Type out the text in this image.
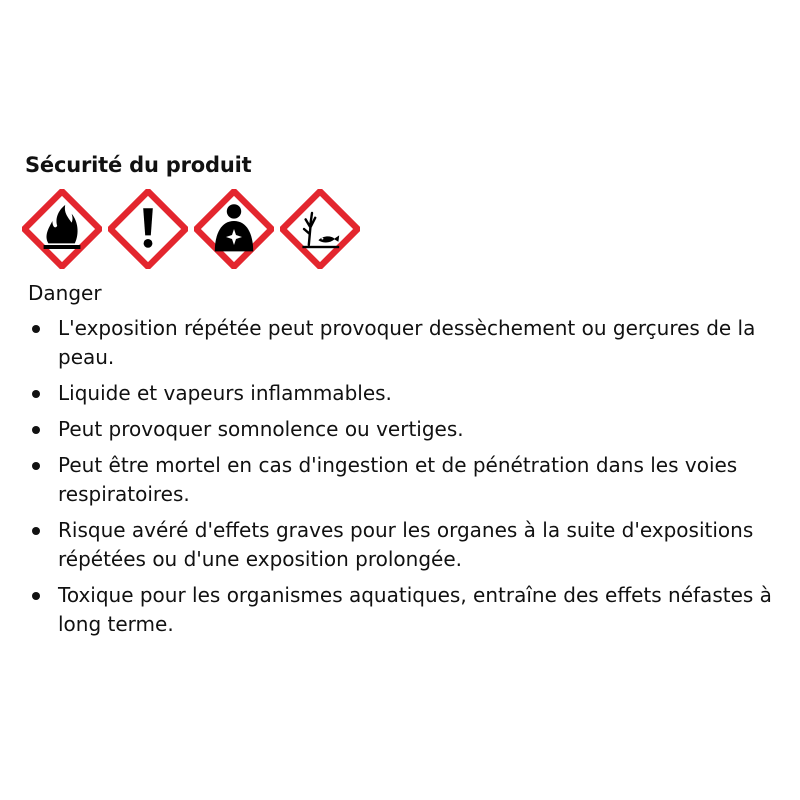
Sécurité du produit

Danger

L'exposition répétée peut provoquer dessèchement ou gerçures de la peau.
Liquide et vapeurs inflammables.
Peut provoquer somnolence ou vertiges.
Peut être mortel en cas d'ingestion et de pénétration dans les voies respiratoires.
Risque avéré d'effets graves pour les organes à la suite d'expositions répétées ou d'une exposition prolongée.
Toxique pour les organismes aquatiques, entraîne des effets néfastes à long terme.
